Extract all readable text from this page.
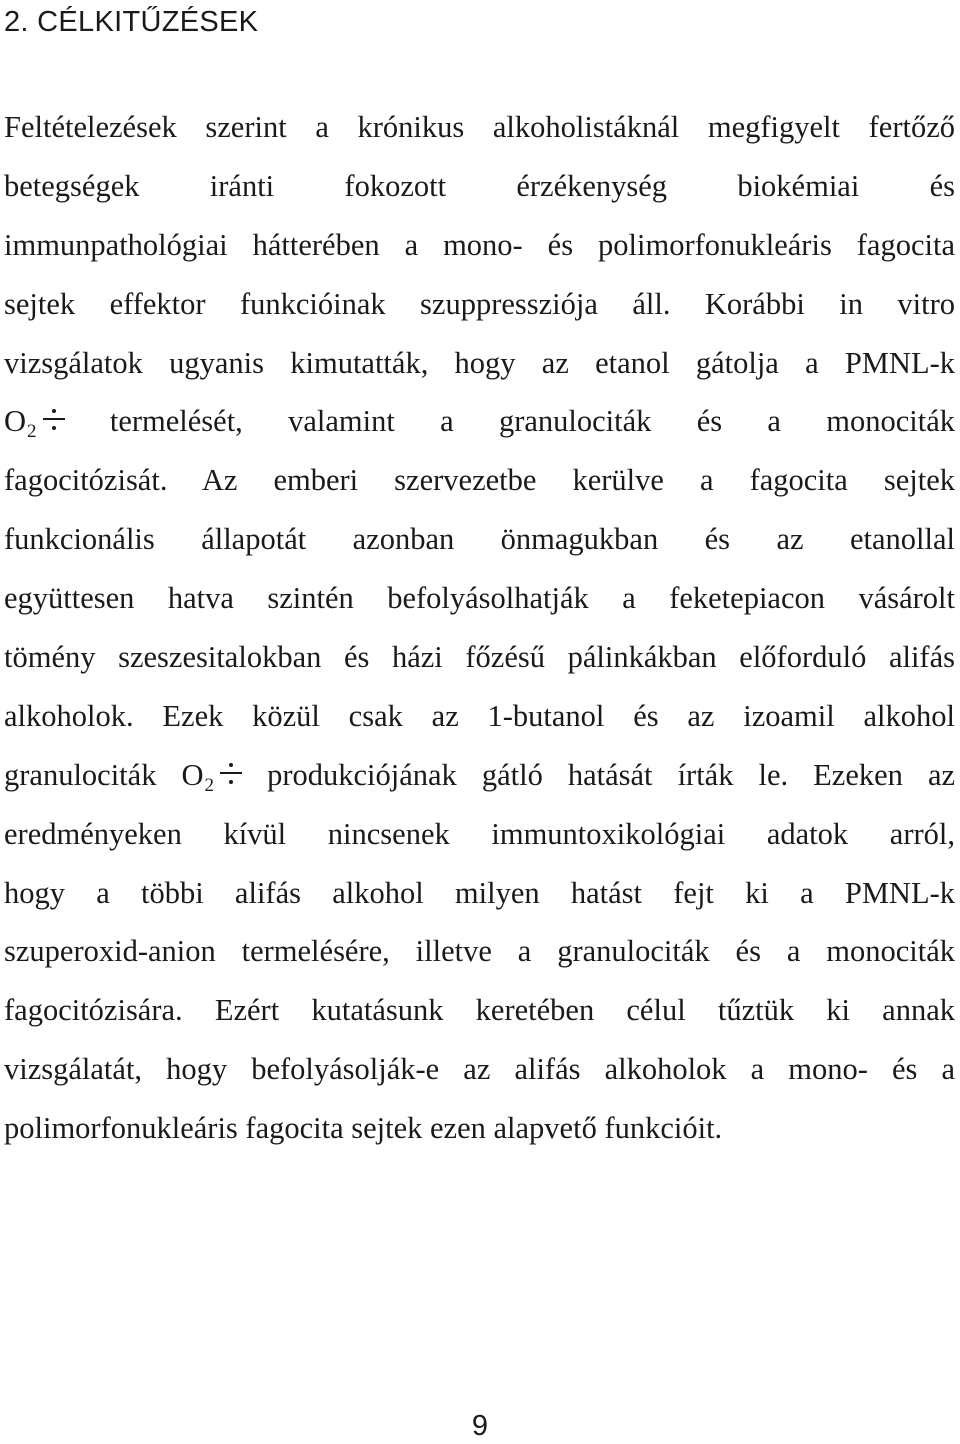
2. CÉLKITŰZÉSEK
Feltételezések szerint a krónikus alkoholistáknál megfigyelt fertőző
betegségek iránti fokozott érzékenység biokémiai és
immunpathológiai hátterében a mono- és polimorfonukleáris fagocita
sejtek effektor funkcióinak szuppressziója áll. Korábbi in vitro
vizsgálatok ugyanis kimutatták, hogy az etanol gátolja a PMNL-k
$O_2$ termelését, valamint a granulociták és a monociták
fagocitózisát. Az emberi szervezetbe kerülve a fagocita sejtek
funkcionális állapotát azonban önmagukban és az etanollal
együttesen hatva szintén befolyásolhatják a feketepiacon vásárolt
tömény szeszesitalokban és házi főzésű pálinkákban előforduló alifás
alkoholok. Ezek közül csak az 1-butanol és az izoamil alkohol
granulociták $O_2$ produkciójának gátló hatását írták le. Ezeken az
eredményeken kívül nincsenek immuntoxikológiai adatok arról,
hogy a többi alifás alkohol milyen hatást fejt ki a PMNL-k
szuperoxid-anion termelésére, illetve a granulociták és a monociták
fagocitózisára. Ezért kutatásunk keretében célul tűztük ki annak
vizsgálatát, hogy befolyásolják-e az alifás alkoholok a mono- és a
polimorfonukleáris fagocita sejtek ezen alapvető funkcióit.
9
